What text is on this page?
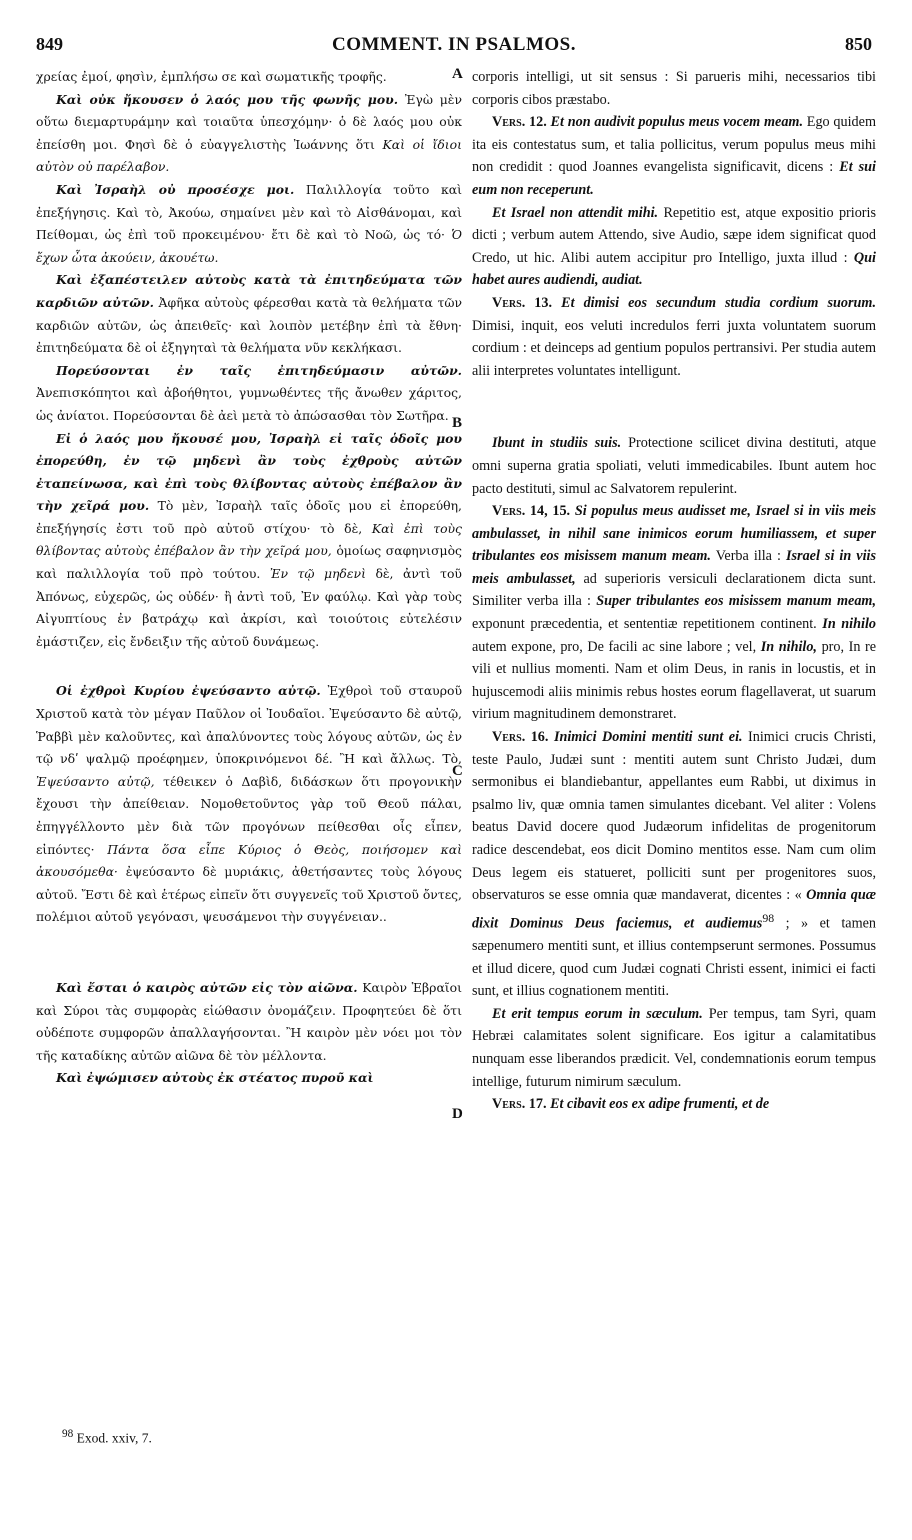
849	COMMENT. IN PSALMOS.	850
A
B
C
D

χρείας ἐμοί, φησὶν, ἐμπλήσω σε καὶ σωματικῆς τροφῆς.

Καὶ οὐκ ἤκουσεν ὁ λαός μου τῆς φωνῆς μου. Ἐγὼ μὲν οὕτω διεμαρτυράμην καὶ τοιαῦτα ὑπεσχόμην· ὁ δὲ λαός μου οὐκ ἐπείσθη μοι. Φησὶ δὲ ὁ εὐαγγελιστὴς Ἰωάννης ὅτι Καὶ οἱ ἴδιοι αὐτὸν οὐ παρέλαβον.

Καὶ Ἰσραὴλ οὐ προσέσχε μοι. Παλιλλογία τοῦτο καὶ ἐπεξήγησις. Καὶ τὸ, Ἀκούω, σημαίνει μὲν καὶ τὸ Αἰσθάνομαι, καὶ Πείθομαι, ὡς ἐπὶ τοῦ προκειμένου· ἔτι δὲ καὶ τὸ Νοῶ, ὡς τό· Ὁ ἔχων ὦτα ἀκούειν, ἀκουέτω.

Καὶ ἐξαπέστειλεν αὐτοὺς κατὰ τὰ ἐπιτηδεύματα τῶν καρδιῶν αὐτῶν. Ἀφῆκα αὐτοὺς φέρεσθαι κατὰ τὰ θελήματα τῶν καρδιῶν αὐτῶν, ὡς ἀπειθεῖς· καὶ λοιπὸν μετέβην ἐπὶ τὰ ἔθνη· ἐπιτηδεύματα δὲ οἱ ἐξηγηταὶ τὰ θελήματα νῦν κεκλήκασι.

Πορεύσονται ἐν ταῖς ἐπιτηδεύμασιν αὐτῶν. Ἀνεπισκόπητοι καὶ ἀβοήθητοι, γυμνωθέντες τῆς ἄνωθεν χάριτος, ὡς ἀνίατοι. Πορεύσονται δὲ ἀεὶ μετὰ τὸ ἀπώσασθαι τὸν Σωτῆρα.

Εἰ ὁ λαός μου ἤκουσέ μου, Ἰσραὴλ εἰ ταῖς ὁδοῖς μου ἐπορεύθη, ἐν τῷ μηδενὶ ἂν τοὺς ἐχθροὺς αὐτῶν ἐταπείνωσα, καὶ ἐπὶ τοὺς θλίβοντας αὐτοὺς ἐπέβαλον ἂν τὴν χεῖρά μου. Τὸ μὲν, Ἰσραὴλ ταῖς ὁδοῖς μου εἰ ἐπορεύθη, ἐπεξήγησίς ἐστι τοῦ πρὸ αὐτοῦ στίχου· τὸ δὲ, Καὶ ἐπὶ τοὺς θλίβοντας αὐτοὺς ἐπέβαλον ἂν τὴν χεῖρά μου, ὁμοίως σαφηνισμὸς καὶ παλιλλογία τοῦ πρὸ τούτου. Ἐν τῷ μηδενὶ δὲ, ἀντὶ τοῦ Ἀπόνως, εὐχερῶς, ὡς οὐδέν· ἢ ἀντὶ τοῦ, Ἐν φαύλῳ. Καὶ γὰρ τοὺς Αἰγυπτίους ἐν βατράχῳ καὶ ἀκρίσι, καὶ τοιούτοις εὐτελέσιν ἐμάστιζεν, εἰς ἔνδειξιν τῆς αὐτοῦ δυνάμεως.

Οἱ ἐχθροὶ Κυρίου ἐψεύσαντο αὐτῷ. Ἐχθροὶ τοῦ σταυροῦ Χριστοῦ κατὰ τὸν μέγαν Παῦλον οἱ Ἰουδαῖοι. Ἐψεύσαντο δὲ αὐτῷ, Ῥαββὶ μὲν καλοῦντες, καὶ ἀπαλύνοντες τοὺς λόγους αὐτῶν, ὡς ἐν τῷ νδʹ ψαλμῷ προέφημεν, ὑποκρινόμενοι δέ. Ἢ καὶ ἄλλως. Τὸ, Ἐψεύσαντο αὐτῷ, τέθεικεν ὁ Δαβὶδ, διδάσκων ὅτι προγονικὴν ἔχουσι τὴν ἀπείθειαν. Νομοθετοῦντος γὰρ τοῦ Θεοῦ πάλαι, ἐπηγγέλλοντο μὲν διὰ τῶν προγόνων πείθεσθαι οἷς εἶπεν, εἰπόντες· Πάντα ὅσα εἶπε Κύριος ὁ Θεὸς, ποιήσομεν καὶ ἀκουσόμεθα· ἐψεύσαντο δὲ μυριάκις, ἀθετήσαντες τοὺς λόγους αὐτοῦ. Ἔστι δὲ καὶ ἑτέρως εἰπεῖν ὅτι συγγενεῖς τοῦ Χριστοῦ ὄντες, πολέμιοι αὐτοῦ γεγόνασι, ψευσάμενοι τὴν συγγένειαν..

Καὶ ἔσται ὁ καιρὸς αὐτῶν εἰς τὸν αἰῶνα. Καιρὸν Ἑβραῖοι καὶ Σύροι τὰς συμφορὰς εἰώθασιν ὀνομάζειν. Προφητεύει δὲ ὅτι οὐδέποτε συμφορῶν ἀπαλλαγήσονται. Ἢ καιρὸν μὲν νόει μοι τὸν τῆς καταδίκης αὐτῶν αἰῶνα δὲ τὸν μέλλοντα.

Καὶ ἐψώμισεν αὐτοὺς ἐκ στέατος πυροῦ καὶ

corporis intelligi, ut sit sensus : Si parueris mihi, necessarios tibi corporis cibos præstabo.

Vers. 12. Et non audivit populus meus vocem meam. Ego quidem ita eis contestatus sum, et talia pollicitus, verum populus meus mihi non credidit : quod Joannes evangelista significavit, dicens : Et sui eum non receperunt.

Et Israel non attendit mihi. Repetitio est, atque expositio prioris dicti ; verbum autem Attendo, sive Audio, sæpe idem significat quod Credo, ut hic. Alibi autem accipitur pro Intelligo, juxta illud : Qui habet aures audiendi, audiat.

Vers. 13. Et dimisi eos secundum studia cordium suorum. Dimisi, inquit, eos veluti incredulos ferri juxta voluntatem suorum cordium : et deinceps ad gentium populos pertransivi. Per studia autem alii interpretes voluntates intelligunt.

Ibunt in studiis suis. Protectione scilicet divina destituti, atque omni superna gratia spoliati, veluti immedicabiles. Ibunt autem hoc pacto destituti, simul ac Salvatorem repulerint.

Vers. 14, 15. Si populus meus audisset me, Israel si in viis meis ambulasset, in nihil sane inimicos eorum humiliassem, et super tribulantes eos misissem manum meam. Verba illa : Israel si in viis meis ambulasset, ad superioris versiculi declarationem dicta sunt. Similiter verba illa : Super tribulantes eos misissem manum meam, exponunt præcedentia, et sententiæ repetitionem continent. In nihilo autem expone, pro, De facili ac sine labore ; vel, In nihilo, pro, In re vili et nullius momenti. Nam et olim Deus, in ranis in locustis, et in hujuscemodi aliis minimis rebus hostes eorum flagellaverat, ut suarum virium magnitudinem demonstraret.

Vers. 16. Inimici Domini mentiti sunt ei. Inimici crucis Christi, teste Paulo, Judæi sunt : mentiti autem sunt Christo Judæi, dum sermonibus ei blandiebantur, appellantes eum Rabbi, ut diximus in psalmo liv, quæ omnia tamen simulantes dicebant. Vel aliter : Volens beatus David docere quod Judæorum infidelitas de progenitorum radice descendebat, eos dicit Domino mentitos esse. Nam cum olim Deus legem eis statueret, polliciti sunt per progenitores suos, observaturos se esse omnia quæ mandaverat, dicentes : « Omnia quæ dixit Dominus Deus faciemus, et audiemus$^{98}$ ; » et tamen sæpenumero mentiti sunt, et illius contempserunt sermones. Possumus et illud dicere, quod cum Judæi cognati Christi essent, inimici ei facti sunt, et illius cognationem mentiti.

Et erit tempus eorum in sæculum. Per tempus, tam Syri, quam Hebræi calamitates solent significare. Eos igitur a calamitatibus nunquam esse liberandos prædicit. Vel, condemnationis eorum tempus intellige, futurum nimirum sæculum.

Vers. 17. Et cibavit eos ex adipe frumenti, et de

$^{98}$ Exod. xxiv, 7.
